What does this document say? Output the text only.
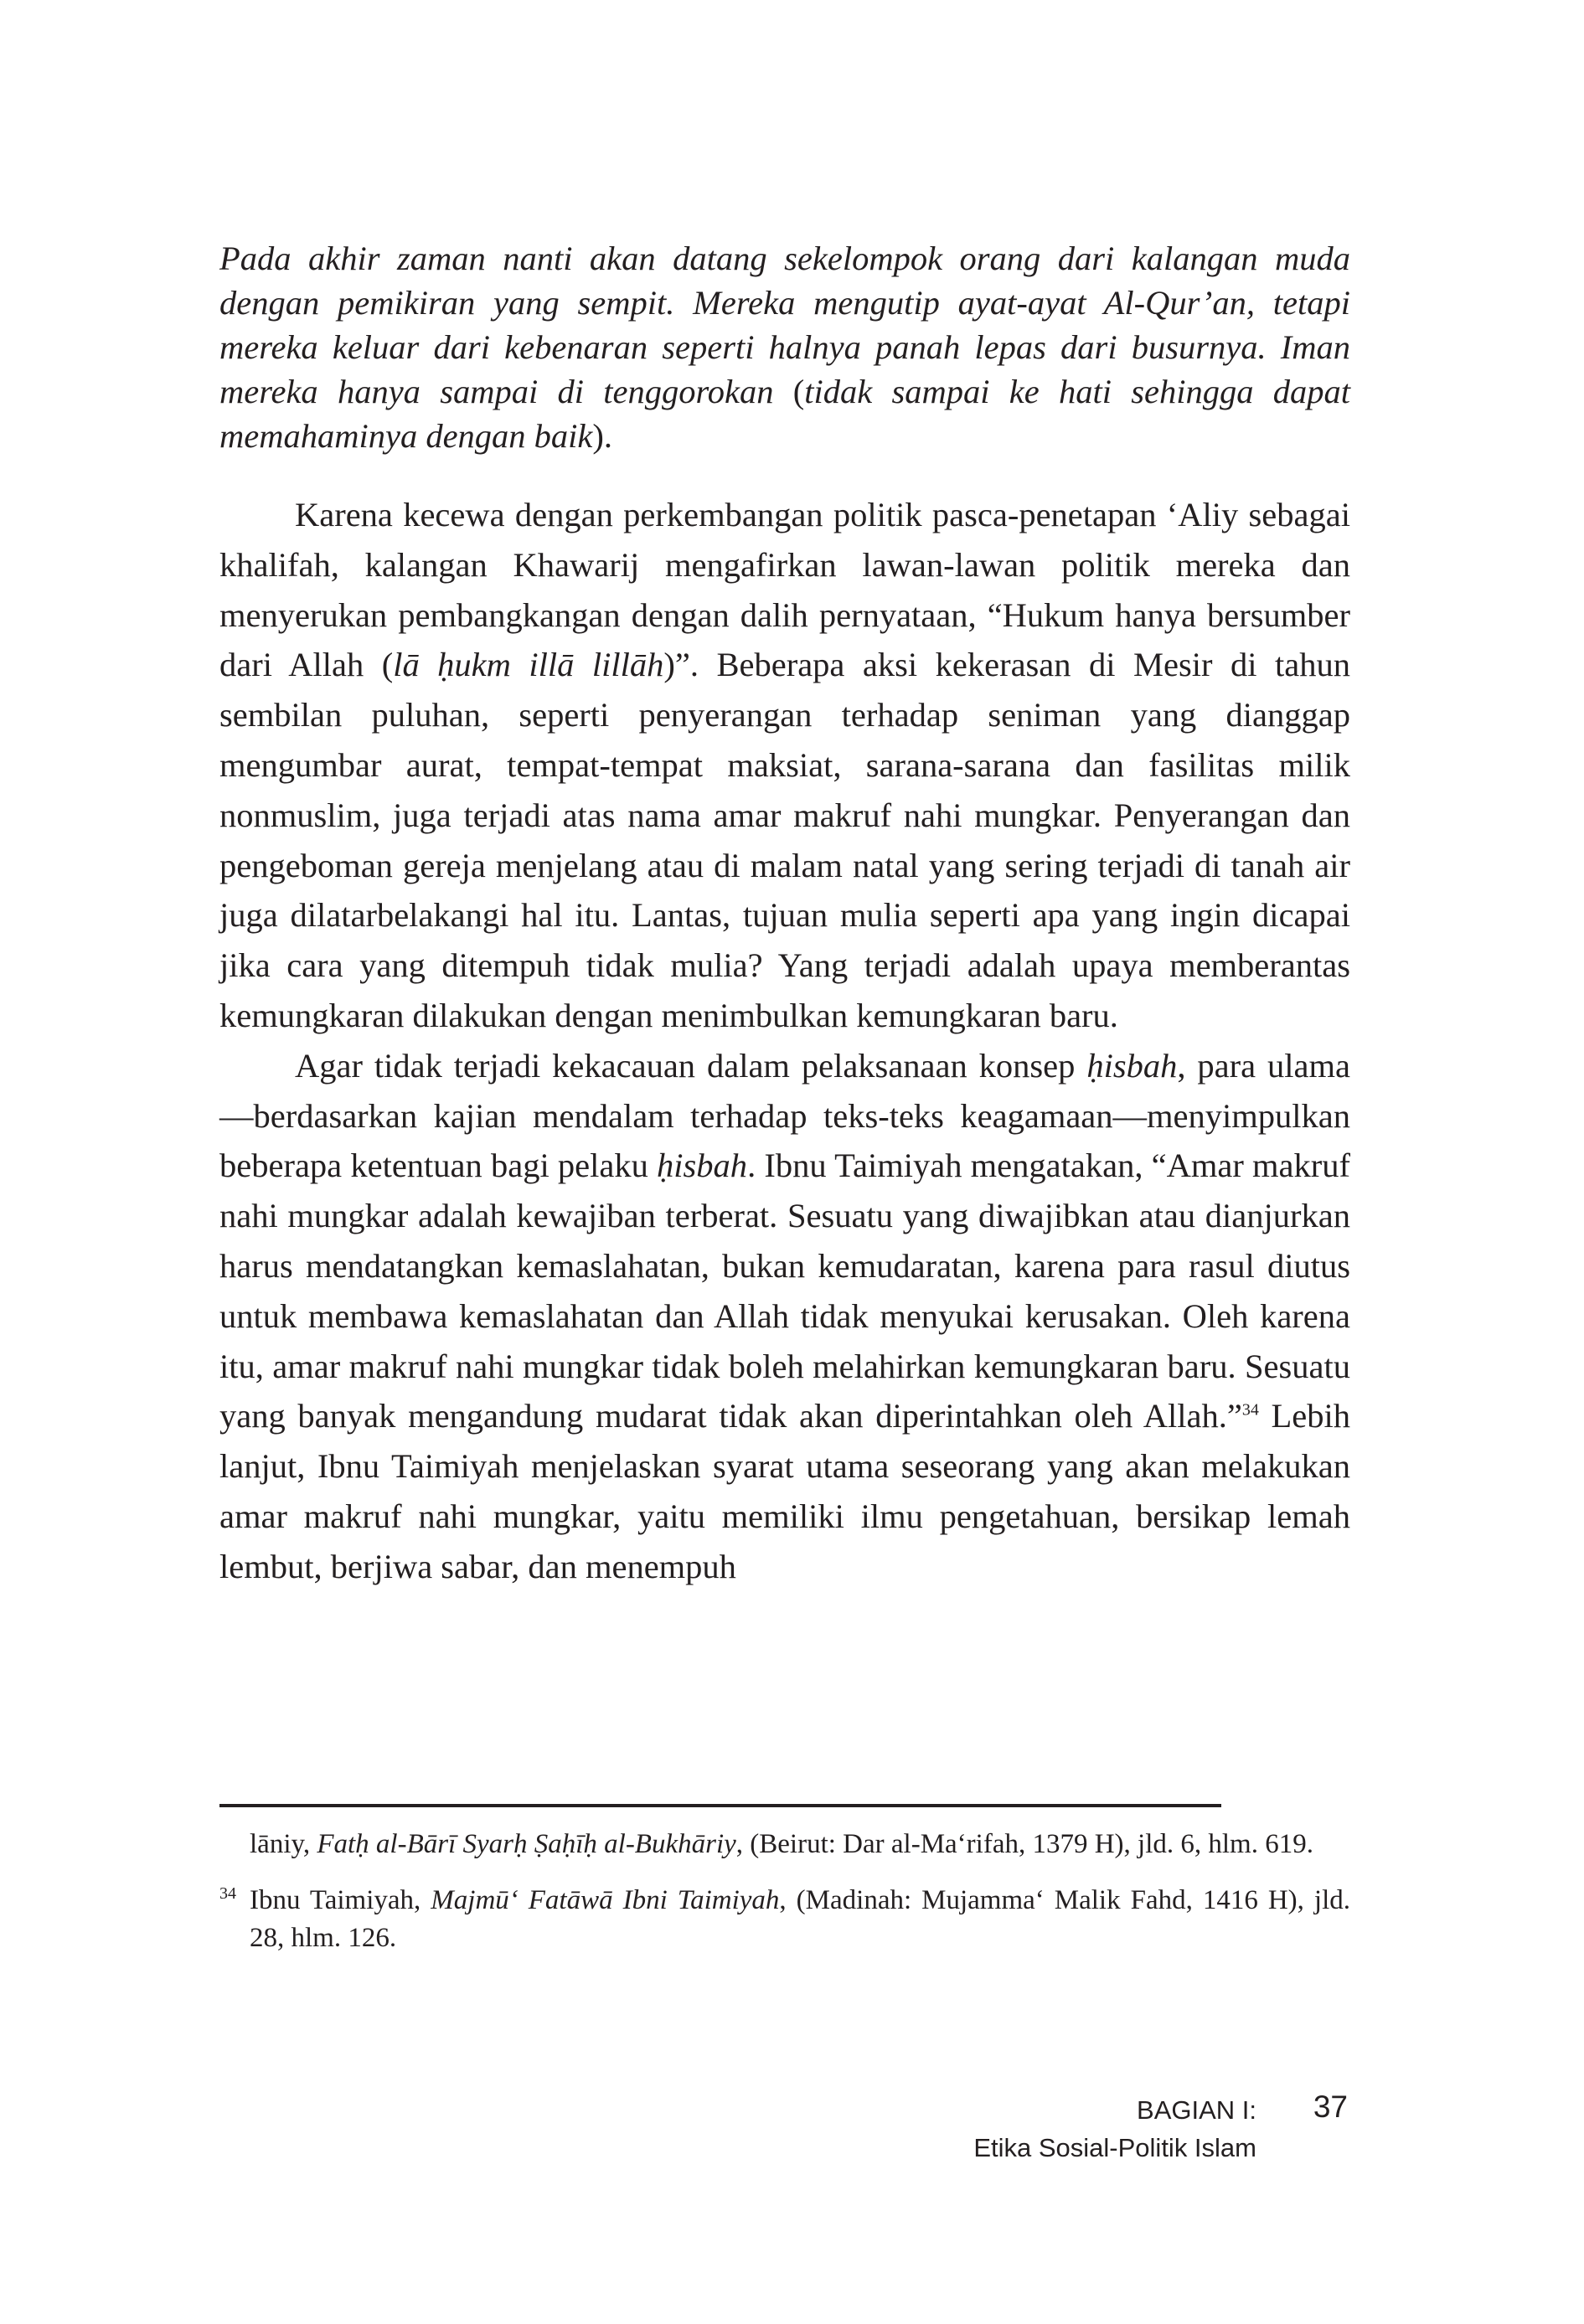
Pada akhir zaman nanti akan datang sekelompok orang dari kalangan muda dengan pemikiran yang sempit. Mereka mengutip ayat-ayat Al-Qur’an, tetapi mereka keluar dari kebenaran seperti halnya panah lepas dari busurnya. Iman mereka hanya sampai di tenggorokan (tidak sampai ke hati sehingga dapat memahaminya dengan baik).

Karena kecewa dengan perkembangan politik pasca-penetapan ‘Aliy sebagai khalifah, kalangan Khawarij mengafirkan lawan-lawan politik mereka dan menyerukan pembangkangan dengan dalih pernyataan, “Hukum hanya bersumber dari Allah (lā ḥukm illā lillāh)”. Beberapa aksi kekerasan di Mesir di tahun sembilan puluhan, seperti penyerangan terhadap seniman yang dianggap mengumbar aurat, tempat-tempat maksiat, sarana-sarana dan fasilitas milik nonmuslim, juga terjadi atas nama amar makruf nahi mungkar. Penyerangan dan pengeboman gereja menjelang atau di malam natal yang sering terjadi di tanah air juga dilatarbelakangi hal itu. Lantas, tujuan mulia seperti apa yang ingin dicapai jika cara yang ditempuh tidak mulia? Yang terjadi adalah upaya memberantas kemungkaran dilakukan dengan menimbulkan kemungkaran baru.

Agar tidak terjadi kekacauan dalam pelaksanaan konsep ḥisbah, para ulama—berdasarkan kajian mendalam terhadap teks-teks keagamaan—menyimpulkan beberapa ketentuan bagi pelaku ḥisbah. Ibnu Taimiyah mengatakan, “Amar makruf nahi mungkar adalah kewajiban terberat. Sesuatu yang diwajibkan atau dianjurkan harus mendatangkan kemaslahatan, bukan kemudaratan, karena para rasul diutus untuk membawa kemaslahatan dan Allah tidak menyukai kerusakan. Oleh karena itu, amar makruf nahi mungkar tidak boleh melahirkan kemungkaran baru. Sesuatu yang banyak mengandung mudarat tidak akan diperintahkan oleh Allah.”$^{34}$ Lebih lanjut, Ibnu Taimiyah menjelaskan syarat utama seseorang yang akan melakukan amar makruf nahi mungkar, yaitu memiliki ilmu pengetahuan, bersikap lemah lembut, berjiwa sabar, dan menempuh

lāniy, Fatḥ al-Bārī Syarḥ Ṣaḥīḥ al-Bukhāriy, (Beirut: Dar al-Ma‘rifah, 1379 H), jld. 6, hlm. 619.
34 Ibnu Taimiyah, Majmū‘ Fatāwā Ibni Taimiyah, (Madinah: Mujamma‘ Malik Fahd, 1416 H), jld. 28, hlm. 126.
BAGIAN I:
Etika Sosial-Politik Islam
37
